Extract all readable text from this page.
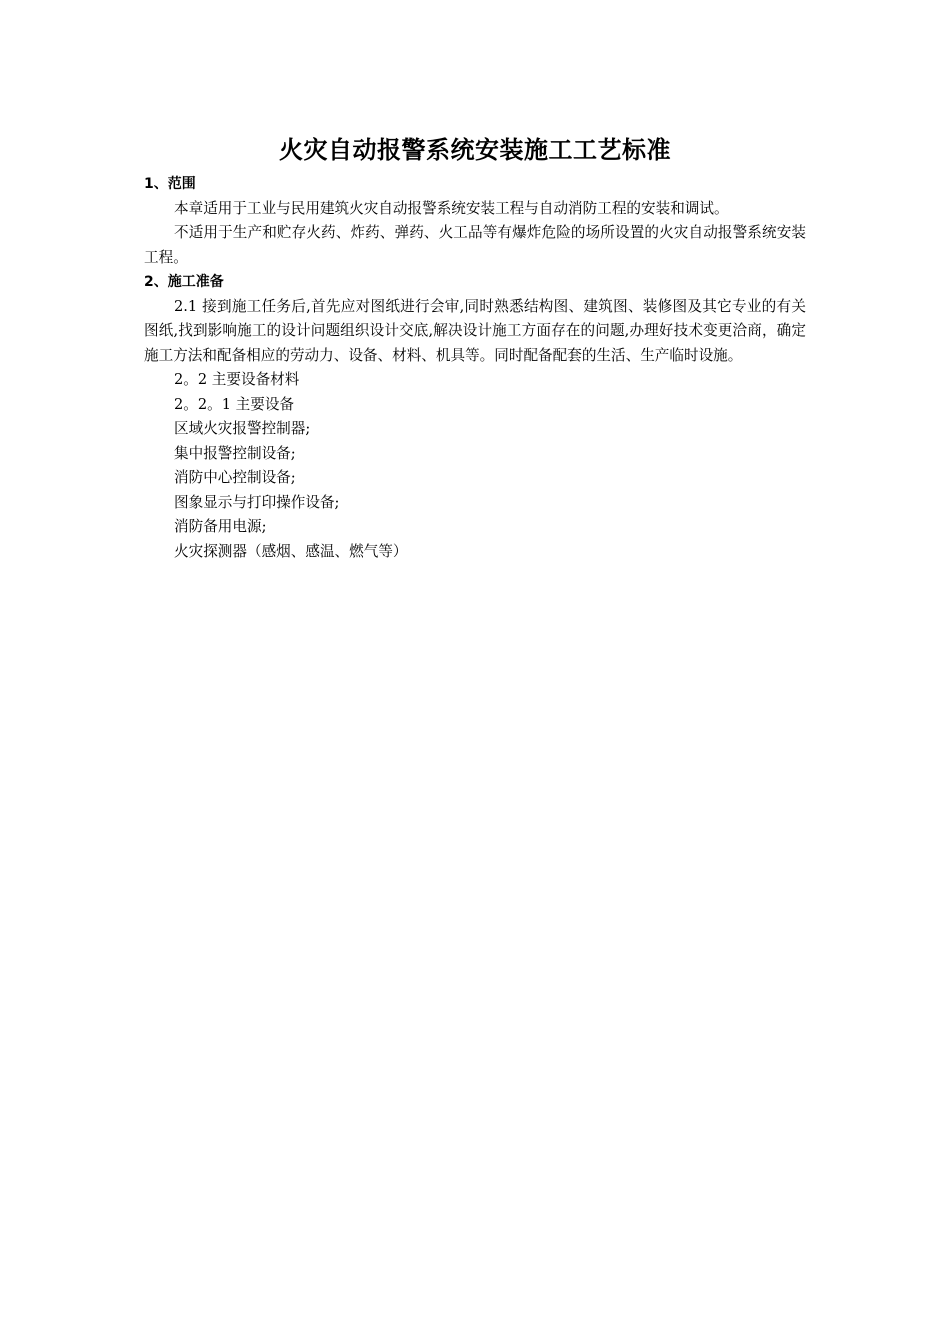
火灾自动报警系统安装施工工艺标准

1、范围

本章适用于工业与民用建筑火灾自动报警系统安装工程与自动消防工程的安装和调试。

不适用于生产和贮存火药、炸药、弹药、火工品等有爆炸危险的场所设置的火灾自动报警系统安装工程。

2、施工准备

2.1 接到施工任务后,首先应对图纸进行会审,同时熟悉结构图、建筑图、装修图及其它专业的有关图纸,找到影响施工的设计问题组织设计交底,解决设计施工方面存在的问题,办理好技术变更洽商，确定施工方法和配备相应的劳动力、设备、材料、机具等。同时配备配套的生活、生产临时设施。

2。2 主要设备材料

2。2。1 主要设备

区域火灾报警控制器;

集中报警控制设备;

消防中心控制设备;

图象显示与打印操作设备;

消防备用电源;

火灾探测器（感烟、感温、燃气等）
